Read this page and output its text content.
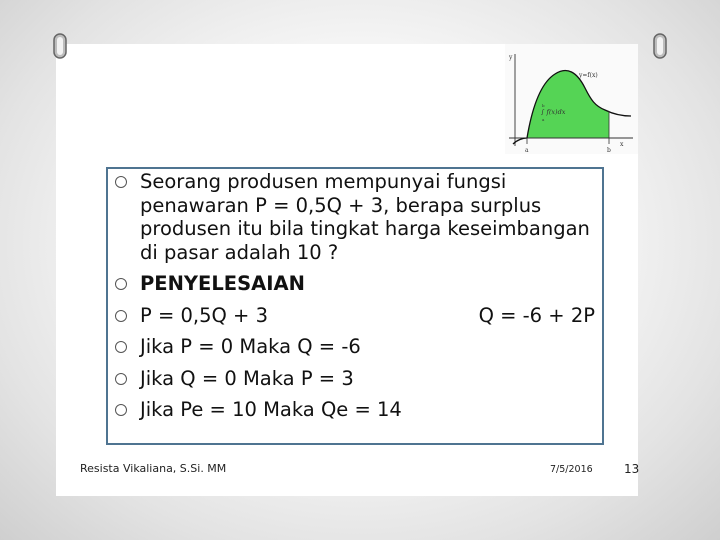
y
x
y=f(x)
∫ f(x)dx
a
b
a	b
Seorang produsen mempunyai fungsi penawaran P = 0,5Q + 3, berapa surplus produsen itu bila tingkat harga keseimbangan di pasar adalah 10 ?
PENYELESAIAN
P = 0,5Q + 3	Q = -6 + 2P
Jika P = 0 Maka Q = -6
Jika Q = 0 Maka P = 3
Jika Pe = 10 Maka Qe = 14
Resista Vikaliana, S.Si. MM	7/5/2016	13
